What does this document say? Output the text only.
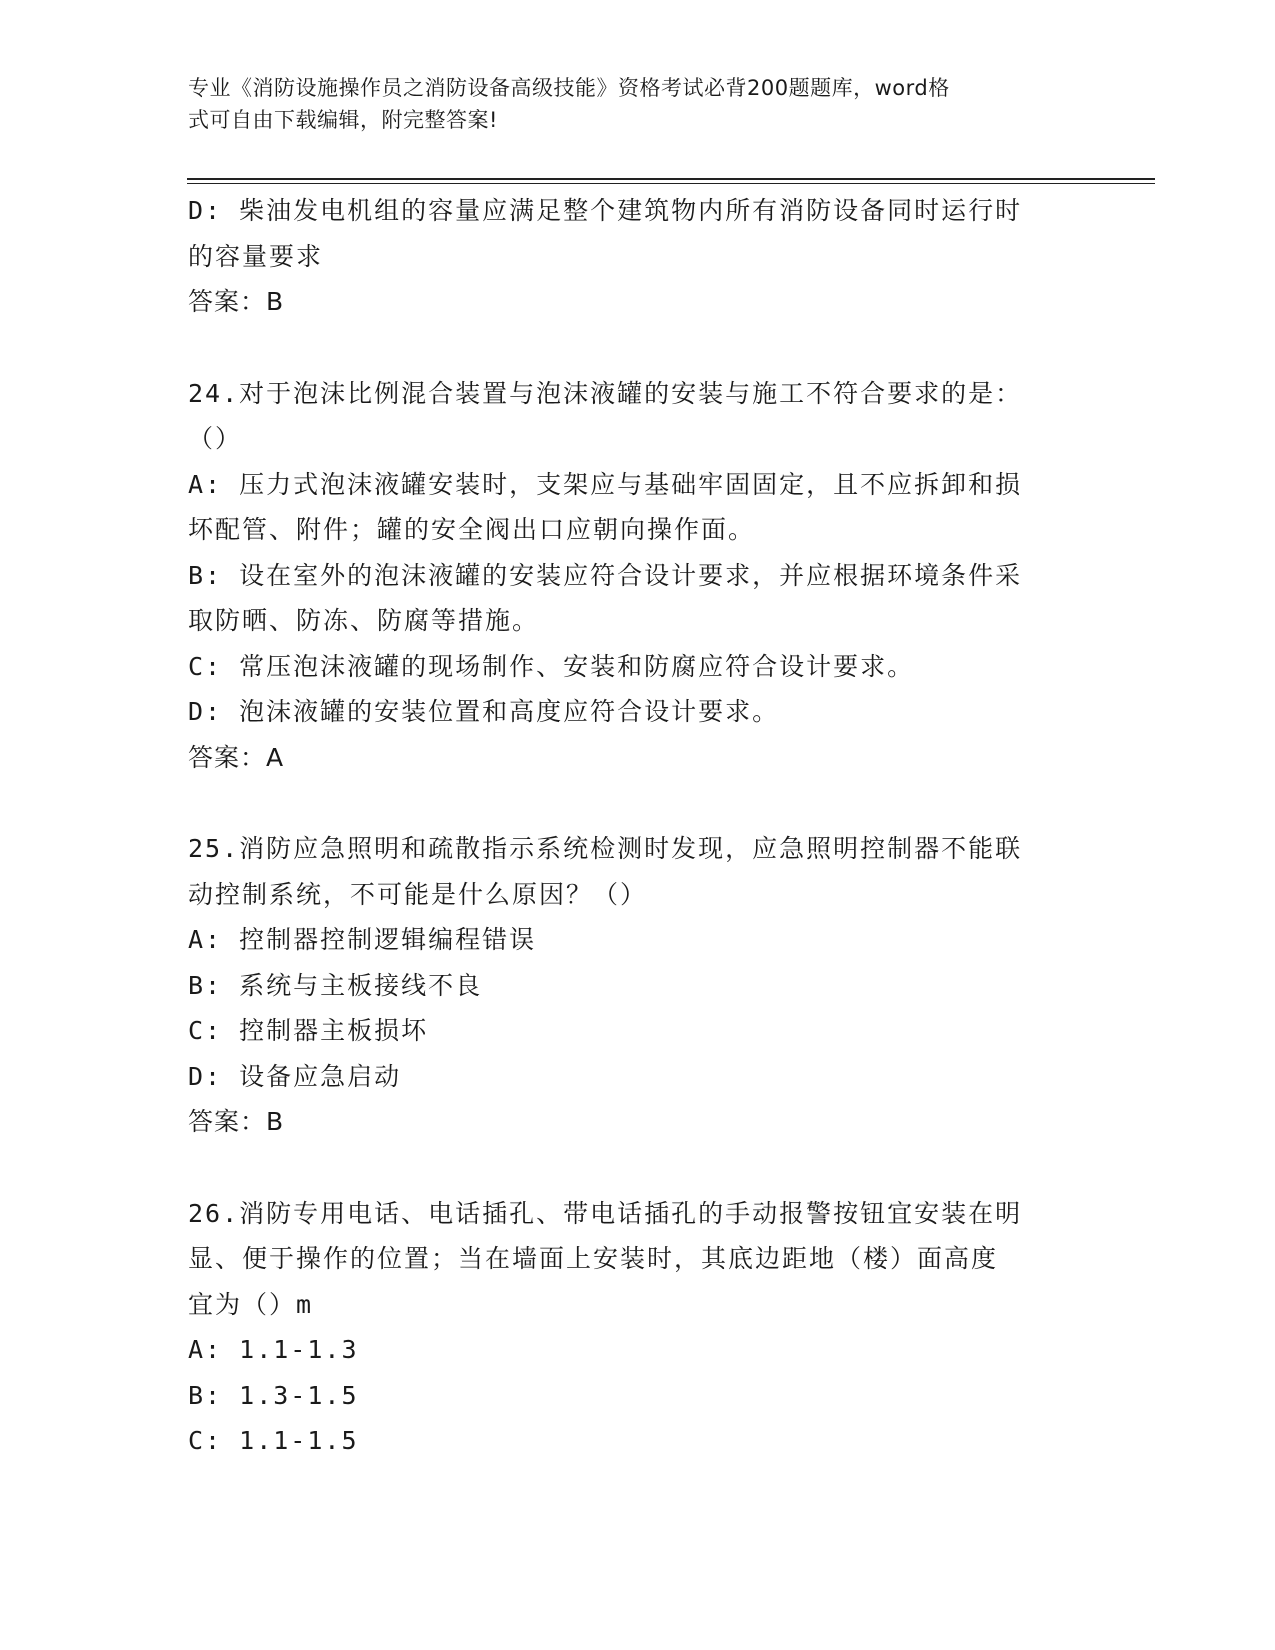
专业《消防设施操作员之消防设备高级技能》资格考试必背200题题库，word格
式可自由下载编辑，附完整答案!
D: 柴油发电机组的容量应满足整个建筑物内所有消防设备同时运行时
的容量要求
答案：B
24.对于泡沫比例混合装置与泡沫液罐的安装与施工不符合要求的是：
（）
A: 压力式泡沫液罐安装时，支架应与基础牢固固定，且不应拆卸和损
坏配管、附件；罐的安全阀出口应朝向操作面。
B: 设在室外的泡沫液罐的安装应符合设计要求，并应根据环境条件采
取防晒、防冻、防腐等措施。
C: 常压泡沫液罐的现场制作、安装和防腐应符合设计要求。
D: 泡沫液罐的安装位置和高度应符合设计要求。
答案：A
25.消防应急照明和疏散指示系统检测时发现，应急照明控制器不能联
动控制系统，不可能是什么原因？（）
A: 控制器控制逻辑编程错误
B: 系统与主板接线不良
C: 控制器主板损坏
D: 设备应急启动
答案：B
26.消防专用电话、电话插孔、带电话插孔的手动报警按钮宜安装在明
显、便于操作的位置；当在墙面上安装时，其底边距地（楼）面高度
宜为（）m
A: 1.1-1.3
B: 1.3-1.5
C: 1.1-1.5
